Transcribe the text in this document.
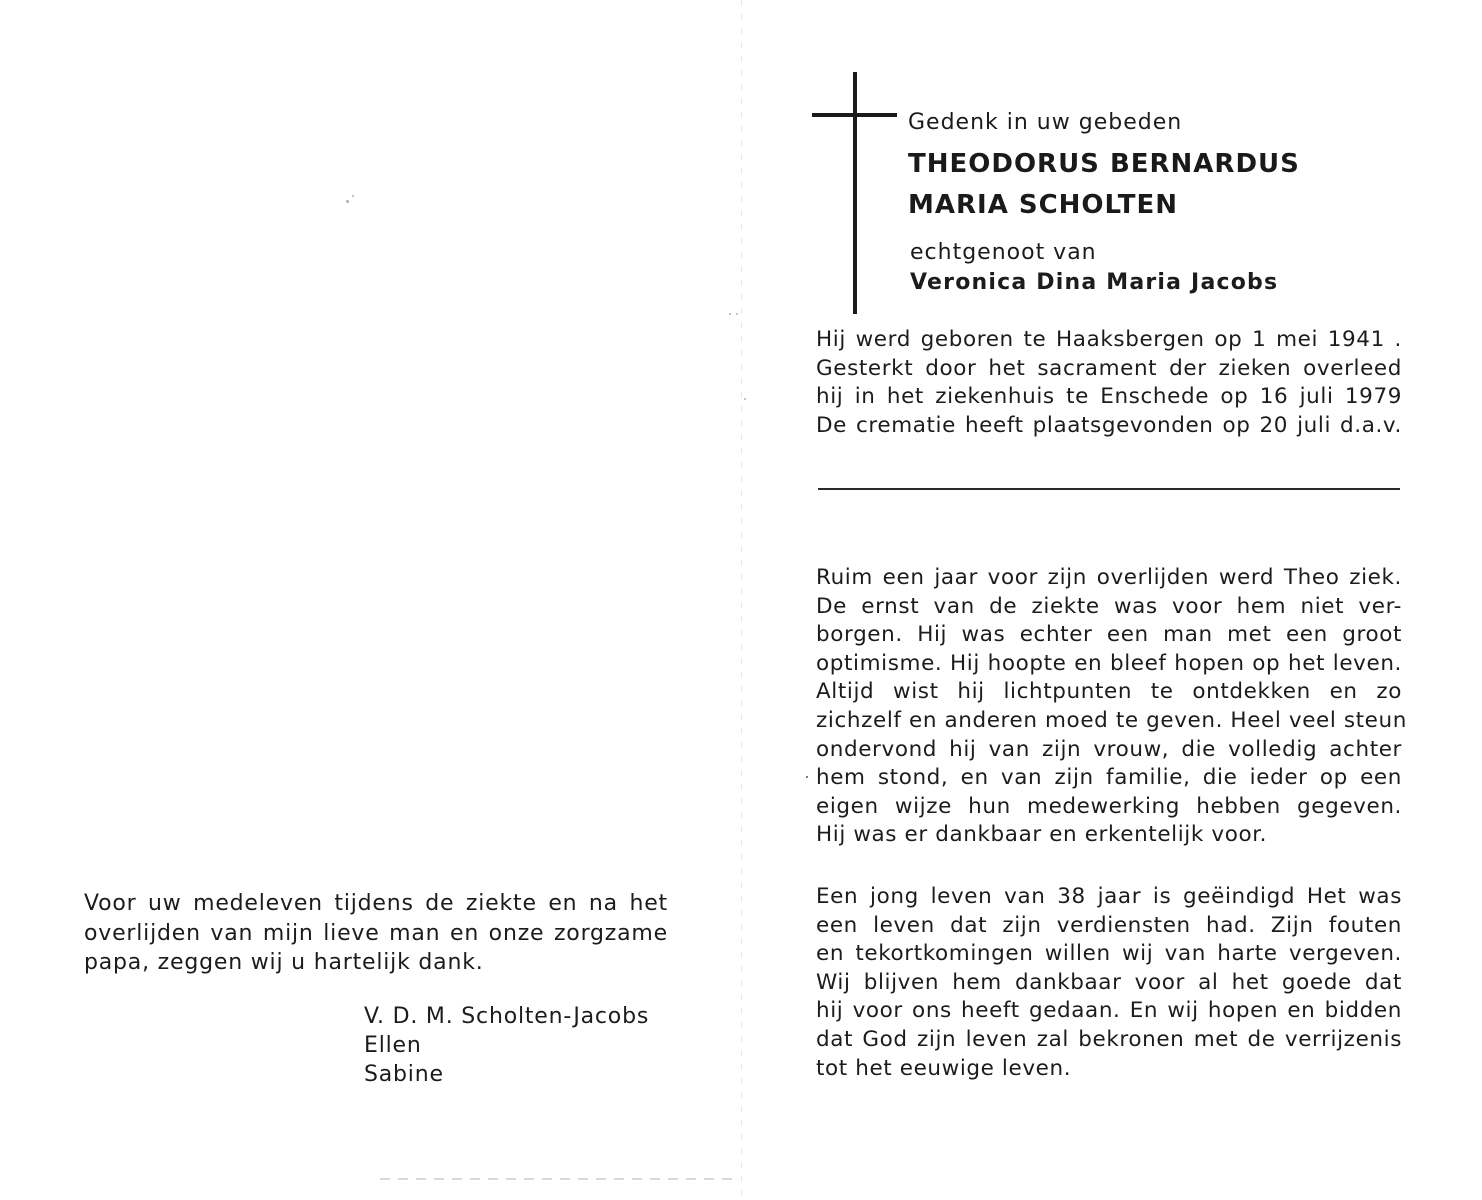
Gedenk in uw gebeden
THEODORUS BERNARDUS
MARIA SCHOLTEN
echtgenoot van
Veronica Dina Maria Jacobs
Hij werd geboren te Haaksbergen op 1 mei 1941 .
Gesterkt door het sacrament der zieken overleed
hij in het ziekenhuis te Enschede op 16 juli 1979
De crematie heeft plaatsgevonden op 20 juli d.a.v.
Ruim een jaar voor zijn overlijden werd Theo ziek.
De ernst van de ziekte was voor hem niet ver-
borgen. Hij was echter een man met een groot
optimisme. Hij hoopte en bleef hopen op het leven.
Altijd wist hij lichtpunten te ontdekken en zo
zichzelf en anderen moed te geven. Heel veel steun
ondervond hij van zijn vrouw, die volledig achter
hem stond, en van zijn familie, die ieder op een
eigen wijze hun medewerking hebben gegeven.
Hij was er dankbaar en erkentelijk voor.
Een jong leven van 38 jaar is geëindigd Het was
een leven dat zijn verdiensten had. Zijn fouten
en tekortkomingen willen wij van harte vergeven.
Wij blijven hem dankbaar voor al het goede dat
hij voor ons heeft gedaan. En wij hopen en bidden
dat God zijn leven zal bekronen met de verrijzenis
tot het eeuwige leven.
Voor uw medeleven tijdens de ziekte en na het
overlijden van mijn lieve man en onze zorgzame
papa, zeggen wij u hartelijk dank.
V. D. M. Scholten-Jacobs
Ellen
Sabine
